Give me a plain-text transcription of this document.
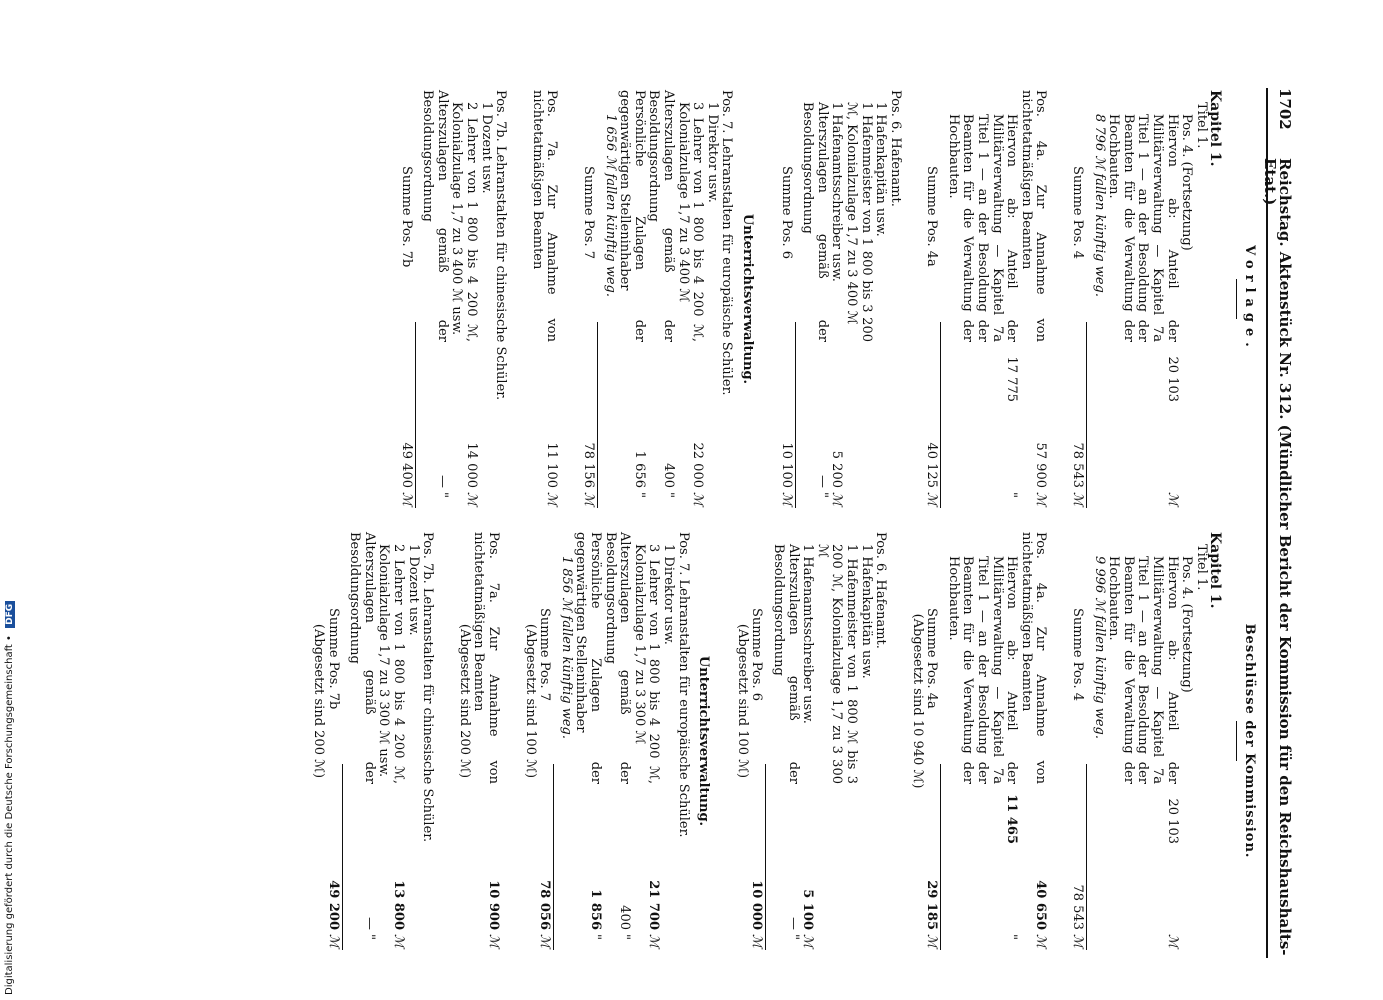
1702
Reichstag. Aktenstück Nr. 312. (Mündlicher Bericht der Kommission für den Reichshaushalts-Etat.)
Vorlage.
Kapitel 1.
Titel 1.
Pos. 4. (Fortsetzung)
Hiervon ab: Anteil der Militärverwaltung — Kapitel 7a Titel 1 — an der Besoldung der Beamten für die Verwaltung der Hochbauten.
20 103
ℳ
8 796 ℳ fallen künftig weg.
Summe Pos. 4
78 543
ℳ
Pos. 4a. Zur Annahme von nichtetatmäßigen Beamten
57 900
ℳ
Hiervon ab: Anteil der Militärverwaltung — Kapitel 7a Titel 1 — an der Besoldung der Beamten für die Verwaltung der Hochbauten.
17 775
"
Summe Pos. 4a
40 125
ℳ
Pos. 6. Hafenamt.
1 Hafenkapitän usw.
1 Hafenmeister von 1 800 bis 3 200 ℳ, Kolonialzulage 1,7 zu 3 400 ℳ
1 Hafenamtsschreiber usw.
5 200
ℳ
Alterszulagen gemäß der Besoldungsordnung
—
"
Summe Pos. 6
10 100
ℳ
Unterrichtsverwaltung.
Pos. 7. Lehranstalten für europäische Schüler.
1 Direktor usw.
3 Lehrer von 1 800 bis 4 200 ℳ, Kolonialzulage 1,7 zu 3 400 ℳ
22 000
ℳ
Alterszulagen gemäß der Besoldungsordnung
400
"
Persönliche Zulagen der gegenwärtigen Stelleninhaber
1 656
"
1 656 ℳ fallen künftig weg.
Summe Pos. 7
78 156
ℳ
Pos. 7a. Zur Annahme von nichtetatmäßigen Beamten
11 100
ℳ
Pos. 7b. Lehranstalten für chinesische Schüler.
1 Dozent usw.
2 Lehrer von 1 800 bis 4 200 ℳ, Kolonialzulage 1,7 zu 3 400 ℳ usw.
14 000
ℳ
Alterszulagen gemäß der Besoldungsordnung
—
"
Summe Pos. 7b
49 400
ℳ
Beschlüsse der Kommission.
Kapitel 1.
Titel 1.
Pos. 4. (Fortsetzung)
Hiervon ab: Anteil der Militärverwaltung — Kapitel 7a Titel 1 — an der Besoldung der Beamten für die Verwaltung der Hochbauten.
20 103
ℳ
9 996 ℳ fallen künftig weg.
Summe Pos. 4
78 543
ℳ
Pos. 4a. Zur Annahme von nichtetatmäßigen Beamten
40 650
ℳ
Hiervon ab: Anteil der Militärverwaltung — Kapitel 7a Titel 1 — an der Besoldung der Beamten für die Verwaltung der Hochbauten.
11 465
"
Summe Pos. 4a
29 185
ℳ
(Abgesetzt sind 10 940 ℳ)
Pos. 6. Hafenamt.
1 Hafenkapitän usw.
1 Hafenmeister von 1 800 ℳ bis 3 200 ℳ, Kolonialzulage 1,7 zu 3 300 ℳ
1 Hafenamtsschreiber usw.
5 100
ℳ
Alterszulagen gemäß der Besoldungsordnung
—
"
Summe Pos. 6
10 000
ℳ
(Abgesetzt sind 100 ℳ)
Unterrichtsverwaltung.
Pos. 7. Lehranstalten für europäische Schüler.
1 Direktor usw.
3 Lehrer von 1 800 bis 4 200 ℳ, Kolonialzulage 1,7 zu 3 300 ℳ
21 700
ℳ
Alterszulagen gemäß der Besoldungsordnung
400
"
Persönliche Zulagen der gegenwärtigen Stelleninhaber
1 856
"
1 856 ℳ fallen künftig weg.
Summe Pos. 7
78 056
ℳ
(Abgesetzt sind 100 ℳ)
Pos. 7a. Zur Annahme von nichtetatmäßigen Beamten
10 900
ℳ
(Abgesetzt sind 200 ℳ)
Pos. 7b. Lehranstalten für chinesische Schüler.
1 Dozent usw.
2 Lehrer von 1 800 bis 4 200 ℳ, Kolonialzulage 1,7 zu 3 300 ℳ usw.
13 800
ℳ
Alterszulagen gemäß der Besoldungsordnung
—
"
Summe Pos. 7b
49 200
ℳ
(Abgesetzt sind 200 ℳ)
Digitalisierung gefördert durch die Deutsche Forschungsgemeinschaft • DFG
